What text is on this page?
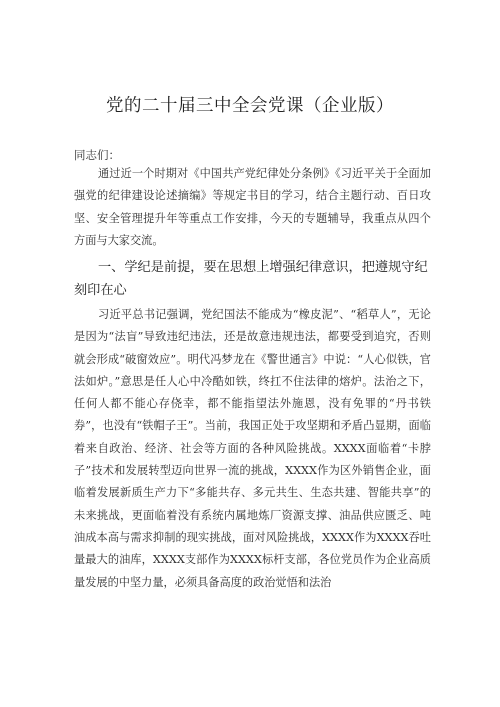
党的二十届三中全会党课（企业版）
同志们：

通过近一个时期对《中国共产党纪律处分条例》《习近平关于全面加强党的纪律建设论述摘编》等规定书目的学习，结合主题行动、百日攻坚、安全管理提升年等重点工作安排，今天的专题辅导，我重点从四个方面与大家交流。

一、学纪是前提，要在思想上增强纪律意识，把遵规守纪刻印在心

习近平总书记强调，党纪国法不能成为“橡皮泥”、“稻草人”，无论是因为“法盲”导致违纪违法，还是故意违规违法，都要受到追究，否则就会形成“破窗效应”。明代冯梦龙在《警世通言》中说：“人心似铁，官法如炉。”意思是任人心中冷酷如铁，终扛不住法律的熔炉。法治之下，任何人都不能心存侥幸，都不能指望法外施恩，没有免罪的“丹书铁券”，也没有“铁帽子王”。当前，我国正处于攻坚期和矛盾凸显期，面临着来自政治、经济、社会等方面的各种风险挑战。XXXX面临着“卡脖子”技术和发展转型迈向世界一流的挑战，XXXX作为区外销售企业，面临着发展新质生产力下“多能共存、多元共生、生态共建、智能共享”的未来挑战，更面临着没有系统内属地炼厂资源支撑、油品供应匮乏、吨油成本高与需求抑制的现实挑战，面对风险挑战，XXXX作为XXXX吞吐量最大的油库，XXXX支部作为XXXX标杆支部，各位党员作为企业高质量发展的中坚力量，必须具备高度的政治觉悟和法治
